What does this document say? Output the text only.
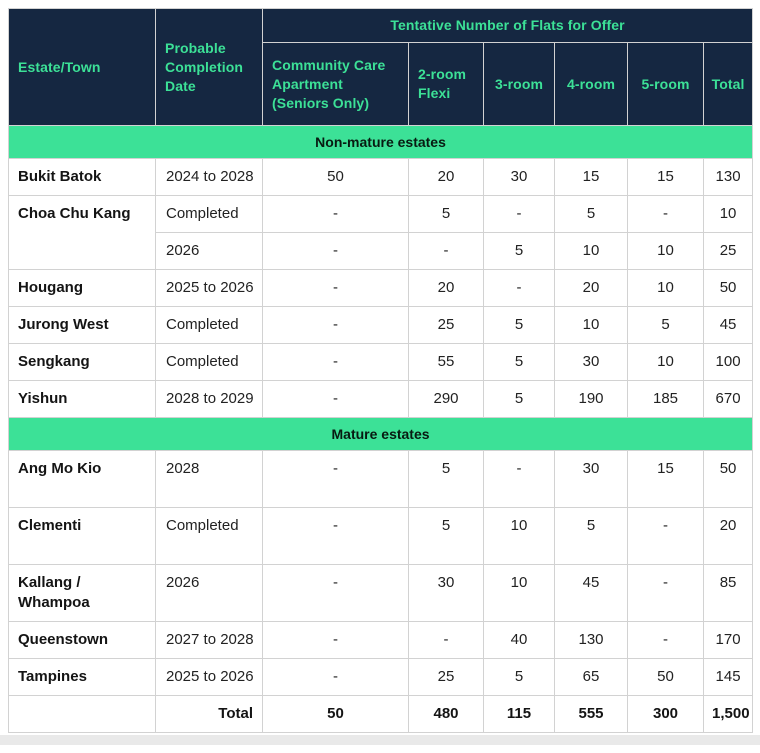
Estate/Town	Probable Completion Date	Tentative Number of Flats for Offer					
		Community Care Apartment (Seniors Only)	2-room Flexi	3-room	4-room	5-room	Total
Non-mature estates							
Bukit Batok	2024 to 2028	50	20	30	15	15	130
Choa Chu Kang	Completed	-	5	-	5	-	10
	2026	-	-	5	10	10	25
Hougang	2025 to 2026	-	20	-	20	10	50
Jurong West	Completed	-	25	5	10	5	45
Sengkang	Completed	-	55	5	30	10	100
Yishun	2028 to 2029	-	290	5	190	185	670
Mature estates							
Ang Mo Kio	2028	-	5	-	30	15	50
Clementi	Completed	-	5	10	5	-	20
Kallang / Whampoa	2026	-	30	10	45	-	85
Queenstown	2027 to 2028	-	-	40	130	-	170
Tampines	2025 to 2026	-	25	5	65	50	145
	Total	50	480	115	555	300	1,500
